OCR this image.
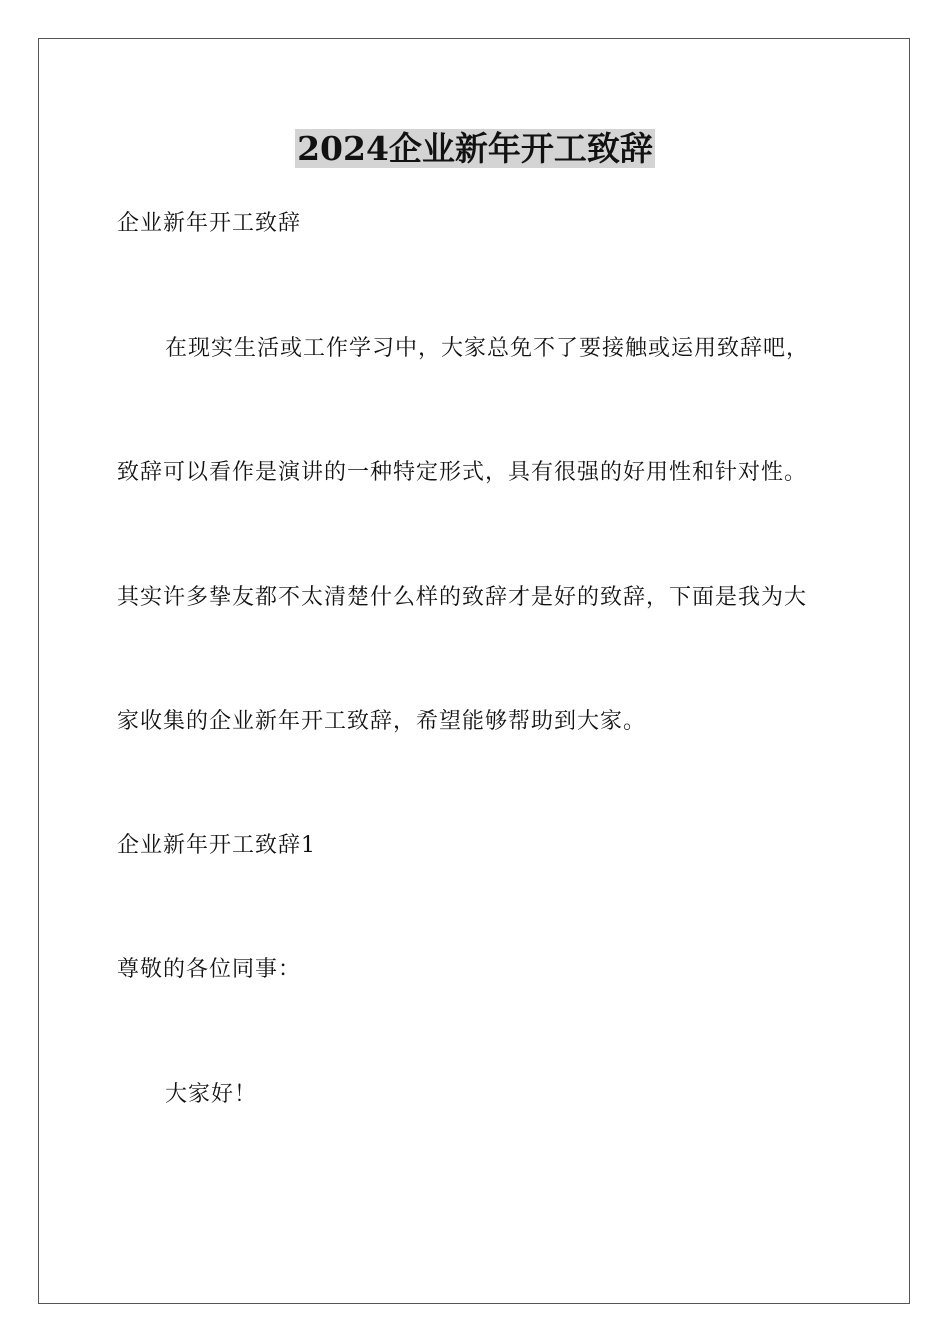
2024企业新年开工致辞

企业新年开工致辞

在现实生活或工作学习中，大家总免不了要接触或运用致辞吧，

致辞可以看作是演讲的一种特定形式，具有很强的好用性和针对性。

其实许多挚友都不太清楚什么样的致辞才是好的致辞，下面是我为大

家收集的企业新年开工致辞，希望能够帮助到大家。

企业新年开工致辞1

尊敬的各位同事：

大家好！
